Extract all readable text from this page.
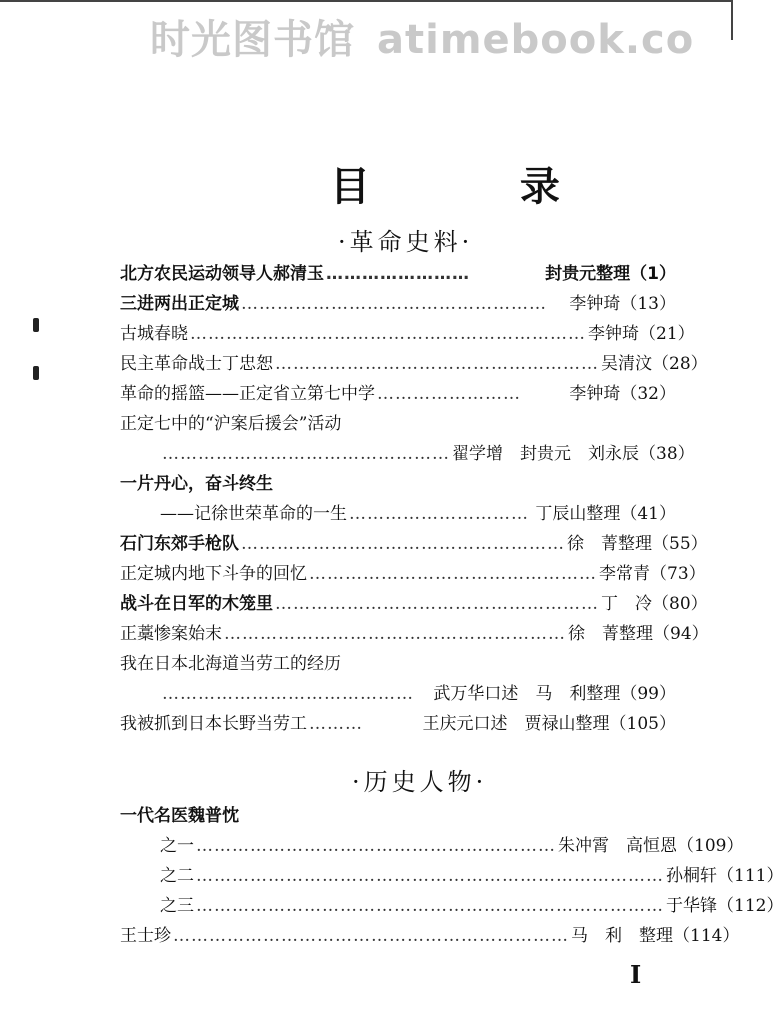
时光图书馆 atimebook.co
目 录
·革命史料·
北方农民运动领导人郝清玉 ……………………	封贵元整理（1）
三进两出正定城 ……………………………………………	李钟琦（13）
古城春晓 ………………………………………………………… 李钟琦（21）
民主革命战士丁忠恕 ……………………………………………… 吴清汶（28）
革命的摇篮——正定省立第七中学 ……………………	李钟琦（32）
正定七中的“沪案后援会”活动
………………………………………… 翟学增　封贵元　刘永辰（38）
一片丹心，奋斗终生
——记徐世荣革命的一生 ………………………… 丁辰山整理（41）
石门东郊手枪队 ……………………………………………… 徐　菁整理（55）
正定城内地下斗争的回忆 ………………………………………… 李常青（73）
战斗在日军的木笼里 ……………………………………………… 丁　冷（80）
正藁惨案始末 ………………………………………………… 徐　菁整理（94）
我在日本北海道当劳工的经历
……………………………………	武万华口述　马　利整理（99）
我被抓到日本长野当劳工 ………	王庆元口述　贾禄山整理（105）
·历史人物·
一代名医魏普忱
之一 …………………………………………………… 朱冲霄　高恒恩（109）
之二 …………………………………………………………………… 孙桐轩（111）
之三 …………………………………………………………………… 于华锋（112）
王士珍 ………………………………………………………… 马　利　整理（114）
I
